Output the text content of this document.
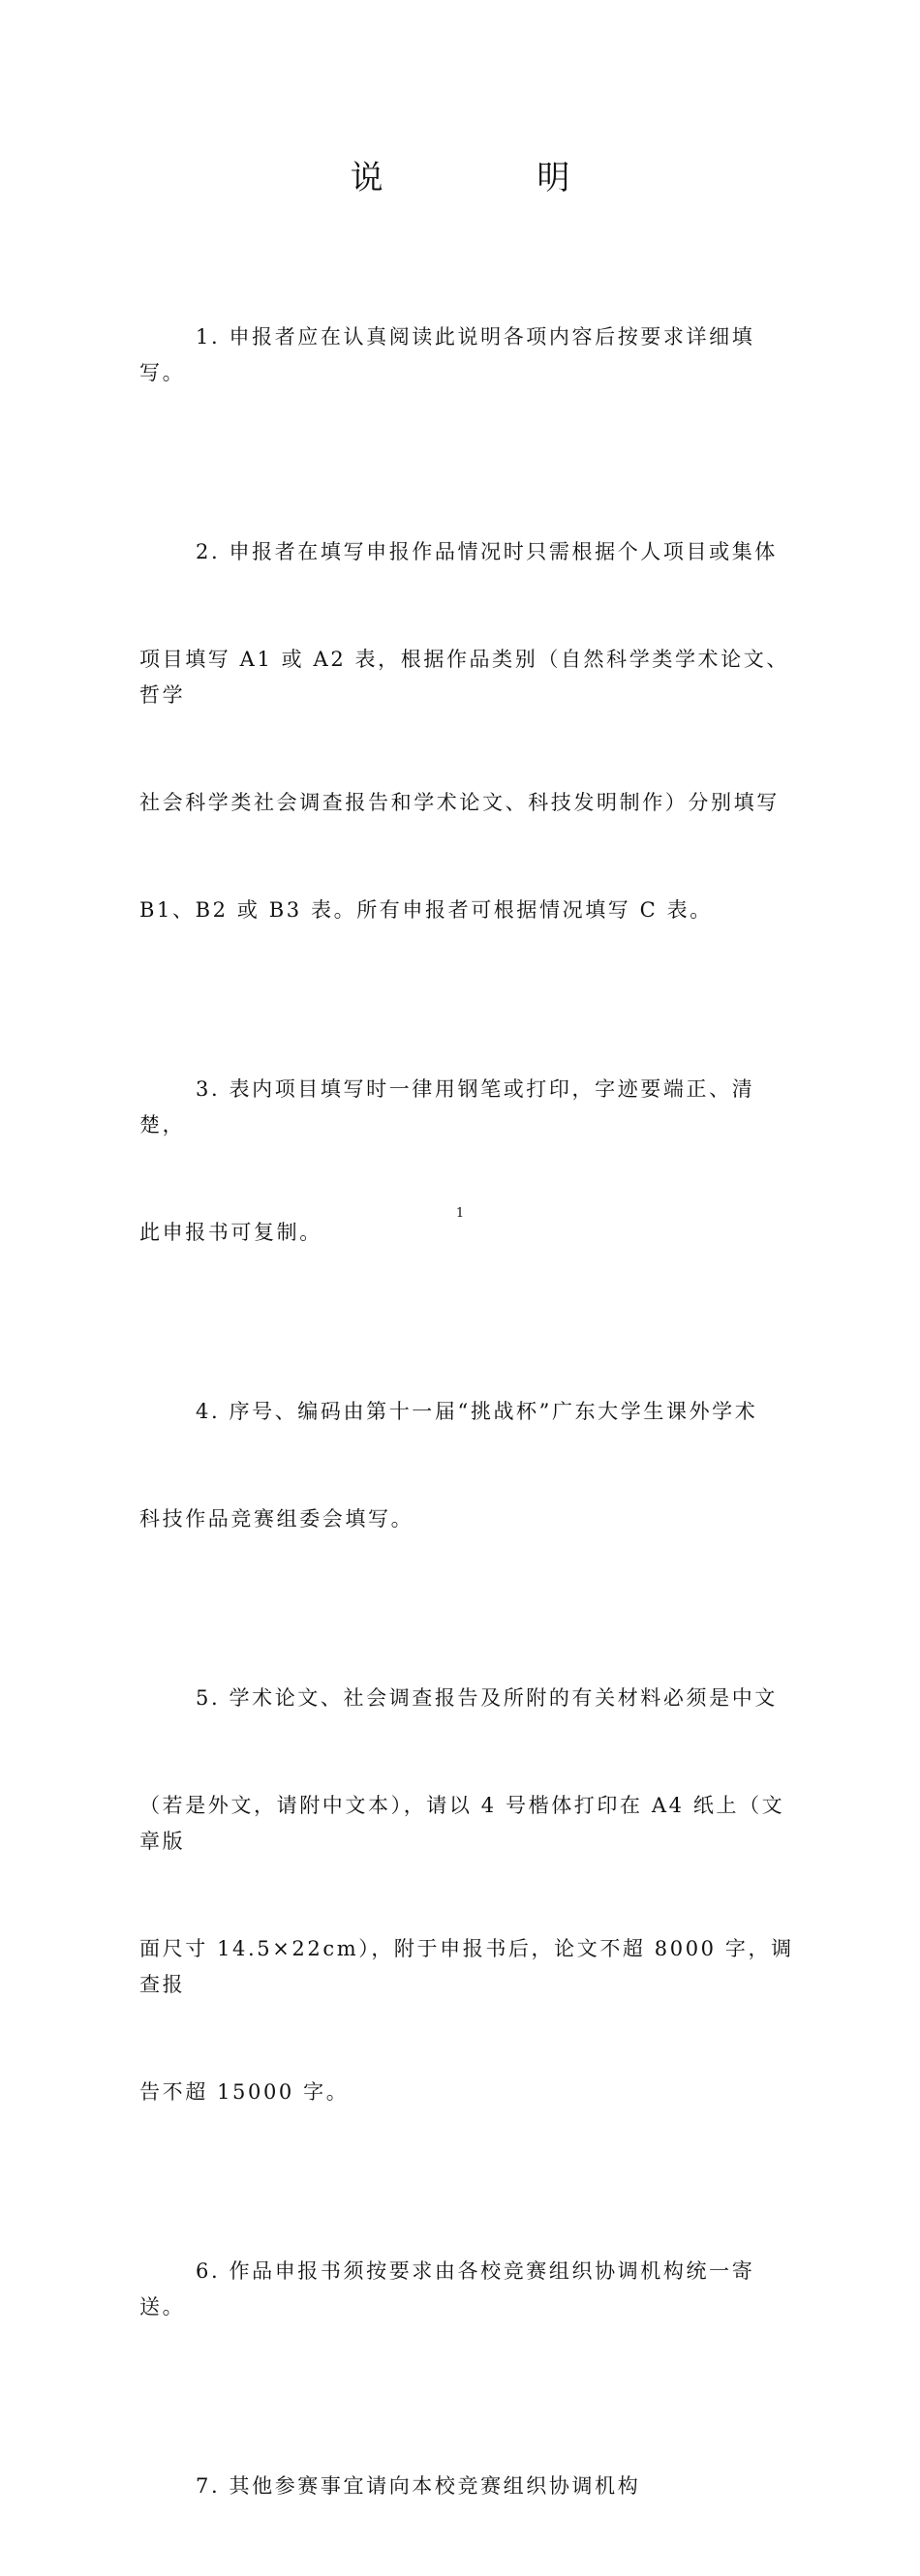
说 明

1. 申报者应在认真阅读此说明各项内容后按要求详细填写。

2. 申报者在填写申报作品情况时只需根据个人项目或集体

项目填写 A1 或 A2 表，根据作品类别（自然科学类学术论文、哲学

社会科学类社会调查报告和学术论文、科技发明制作）分别填写

B1、B2 或 B3 表。所有申报者可根据情况填写 C 表。

3. 表内项目填写时一律用钢笔或打印，字迹要端正、清楚，

此申报书可复制。

4. 序号、编码由第十一届“挑战杯”广东大学生课外学术

科技作品竞赛组委会填写。

5. 学术论文、社会调查报告及所附的有关材料必须是中文

（若是外文，请附中文本），请以 4 号楷体打印在 A4 纸上（文章版

面尺寸 14.5×22cm），附于申报书后，论文不超 8000 字，调查报

告不超 15000 字。

6. 作品申报书须按要求由各校竞赛组织协调机构统一寄送。

7. 其他参赛事宜请向本校竞赛组织协调机构

1
